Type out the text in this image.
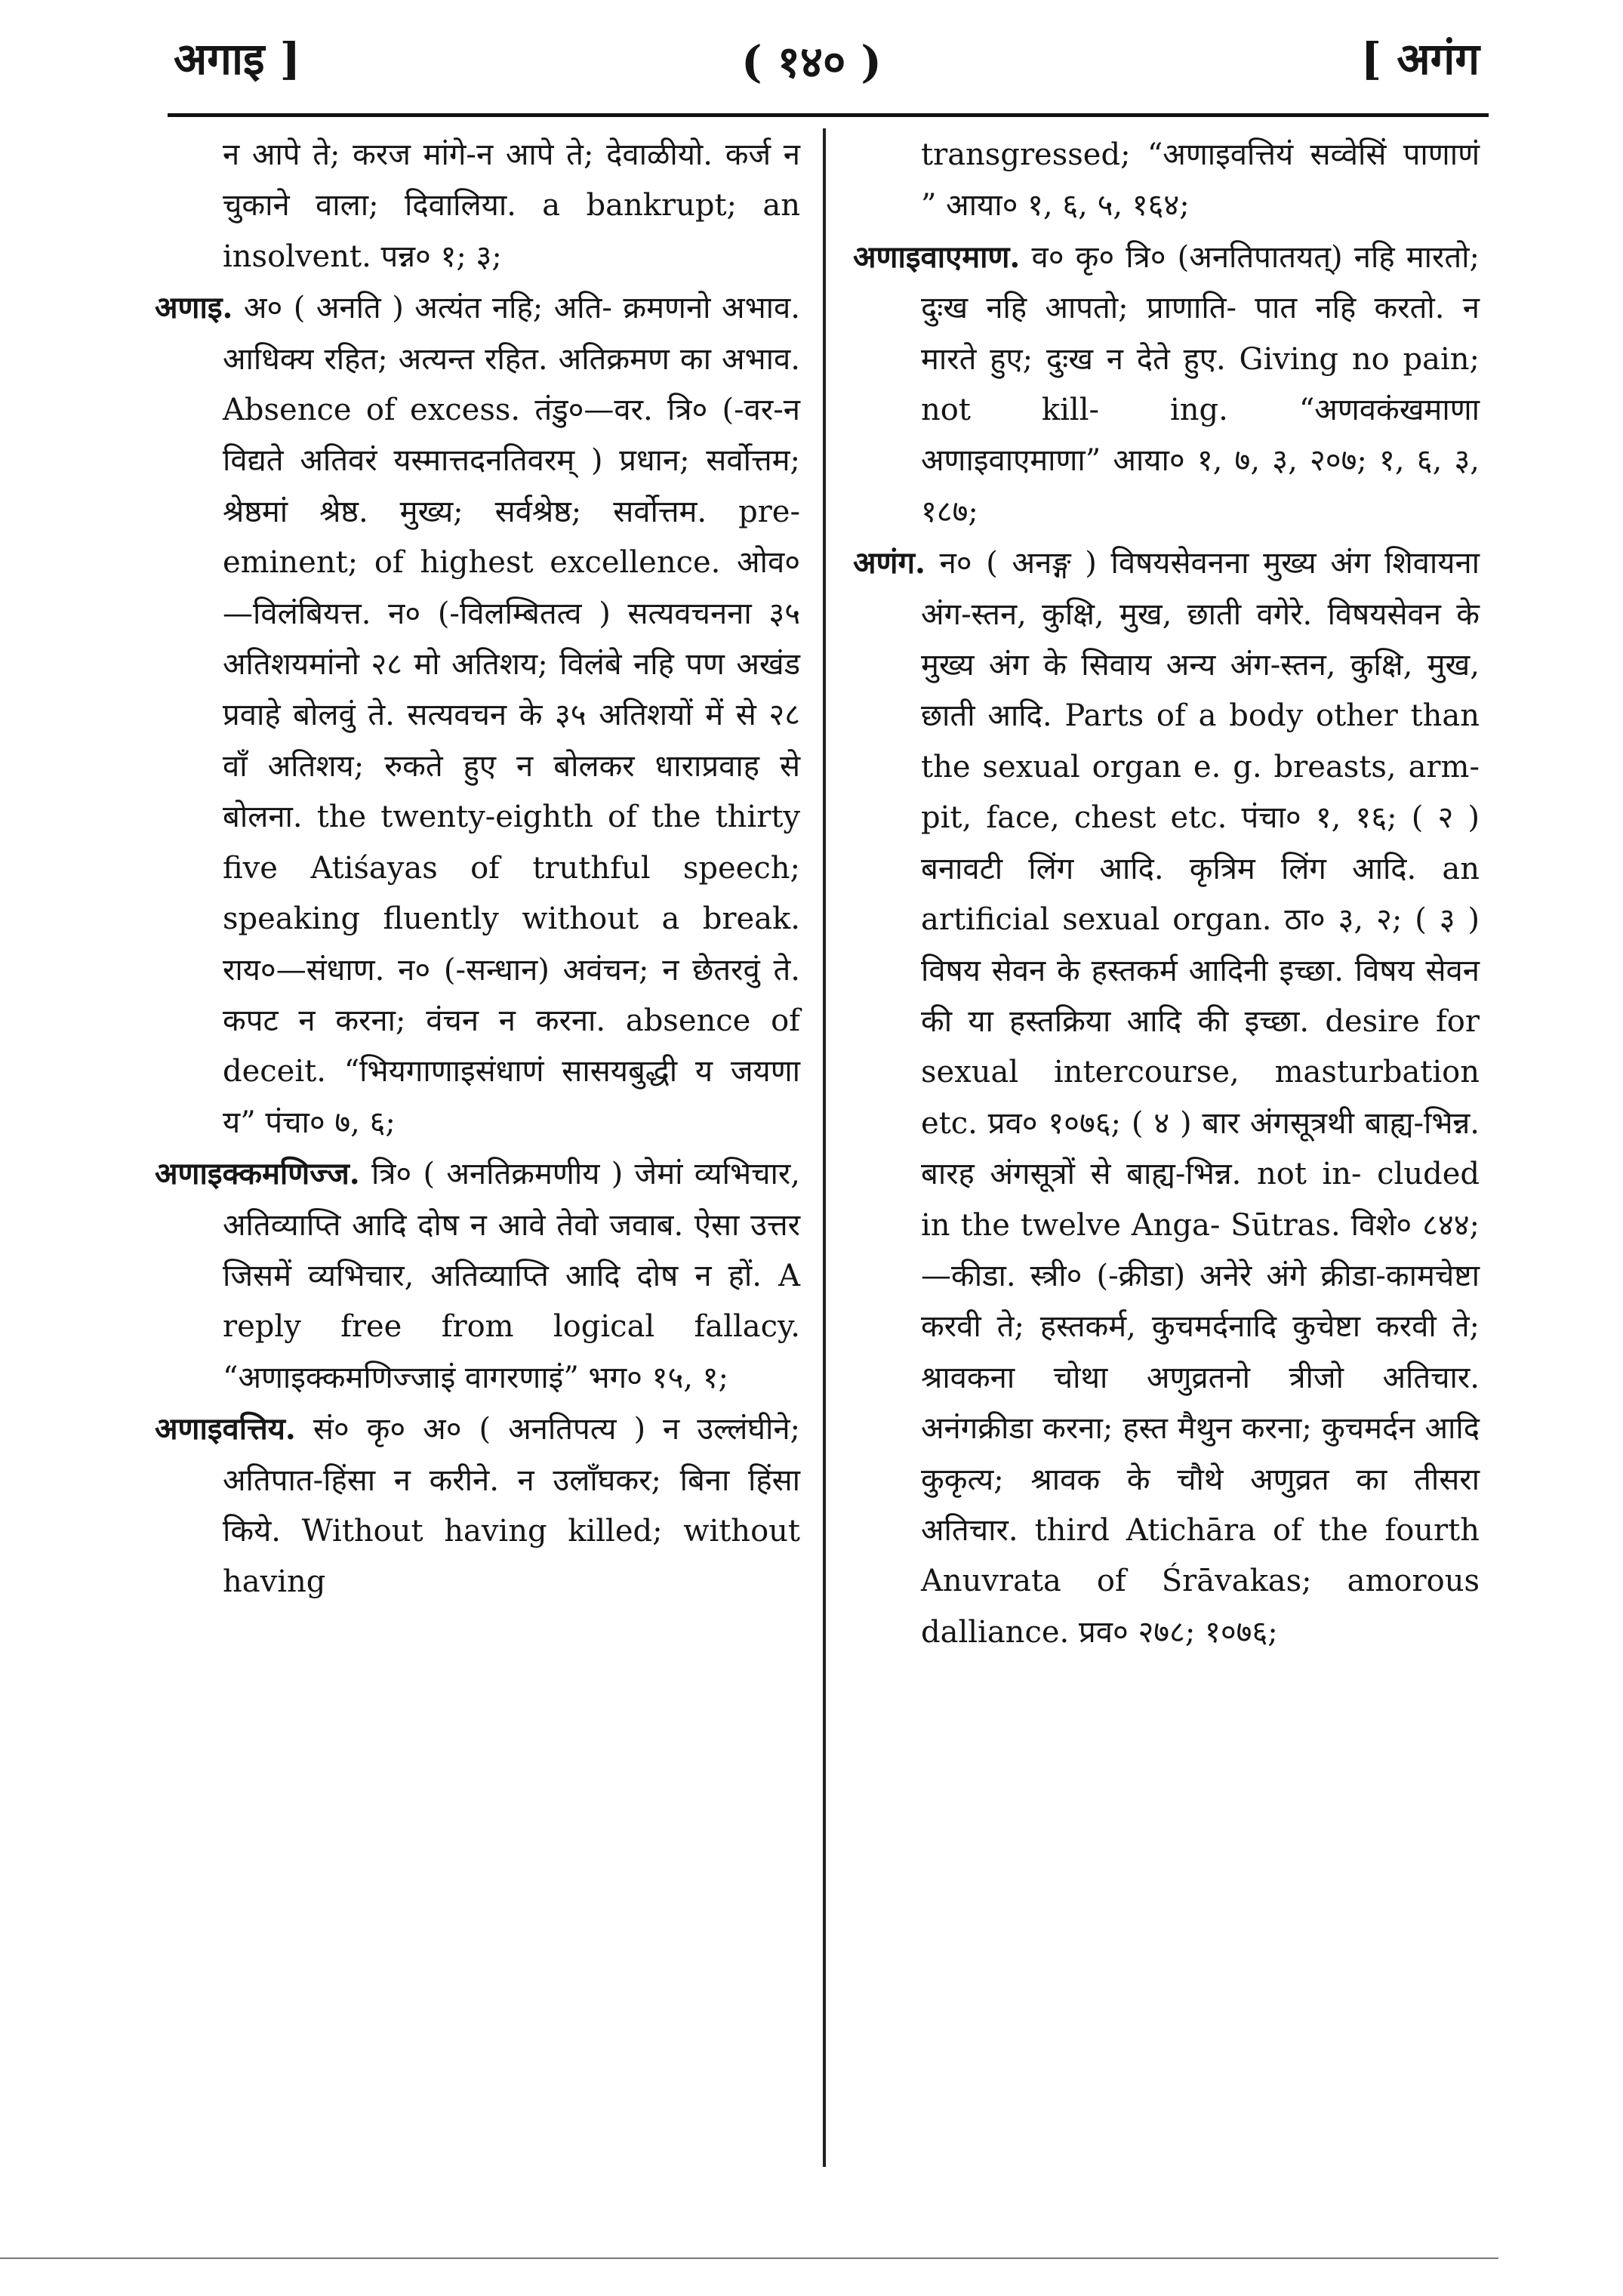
अगाइ ]	( १४० )	[ अगंग

न आपे ते; करज मांगे-न आपे ते; देवाळीयो. कर्ज न चुकाने वाला; दिवालिया. a bankrupt; an insolvent. पन्न० १; ३;

अणाइ. अ० ( अनति ) अत्यंत नहि; अति- क्रमणनो अभाव. आधिक्य रहित; अत्यन्त रहित. अतिक्रमण का अभाव. Absence of excess. तंडु०—वर. त्रि० (-वर-न विद्यते अतिवरं यस्मात्तदनतिवरम् ) प्रधान; सर्वोत्तम; श्रेष्ठमां श्रेष्ठ. मुख्य; सर्वश्रेष्ठ; सर्वोत्तम. pre-eminent; of highest excellence. ओव०—विलंबियत्त. न० (-विलम्बितत्व ) सत्यवचनना ३५ अतिशयमांनो २८ मो अतिशय; विलंबे नहि पण अखंड प्रवाहे बोलवुं ते. सत्यवचन के ३५ अतिशयों में से २८ वाँ अतिशय; रुकते हुए न बोलकर धाराप्रवाह से बोलना. the twenty-eighth of the thirty five Atiśayas of truthful speech; speaking fluently without a break. राय०—संधाण. न० (-सन्धान) अवंचन; न छेतरवुं ते. कपट न करना; वंचन न करना. absence of deceit. “भियगाणाइसंधाणं सासयबुद्धी य जयणा य” पंचा० ७, ६;

अणाइक्कमणिज्ज. त्रि० ( अनतिक्रमणीय ) जेमां व्यभिचार, अतिव्याप्ति आदि दोष न आवे तेवो जवाब. ऐसा उत्तर जिसमें व्यभिचार, अतिव्याप्ति आदि दोष न हों. A reply free from logical fallacy. “अणाइक्कमणिज्जाइं वागरणाइं” भग० १५, १;

अणाइवत्तिय. सं० कृ० अ० ( अनतिपत्य ) न उल्लंघीने; अतिपात-हिंसा न करीने. न उलाँघकर; बिना हिंसा किये. Without having killed; without having

transgressed; “अणाइवत्तियं सव्वेसिं पाणाणं ” आया० १, ६, ५, १६४;

अणाइवाएमाण. व० कृ० त्रि० (अनतिपातयत्) नहि मारतो; दुःख नहि आपतो; प्राणाति- पात नहि करतो. न मारते हुए; दुःख न देते हुए. Giving no pain; not kill- ing. “अणवकंखमाणा अणाइवाएमाणा” आया० १, ७, ३, २०७; १, ६, ३, १८७;

अणंग. न० ( अनङ्ग ) विषयसेवनना मुख्य अंग शिवायना अंग-स्तन, कुक्षि, मुख, छाती वगेरे. विषयसेवन के मुख्य अंग के सिवाय अन्य अंग-स्तन, कुक्षि, मुख, छाती आदि. Parts of a body other than the sexual organ e. g. breasts, arm-pit, face, chest etc. पंचा० १, १६; ( २ ) बनावटी लिंग आदि. कृत्रिम लिंग आदि. an artificial sexual organ. ठा० ३, २; ( ३ ) विषय सेवन के हस्तकर्म आदिनी इच्छा. विषय सेवन की या हस्तक्रिया आदि की इच्छा. desire for sexual intercourse, masturbation etc. प्रव० १०७६; ( ४ ) बार अंगसूत्रथी बाह्य-भिन्न. बारह अंगसूत्रों से बाह्य-भिन्न. not in- cluded in the twelve Anga- Sūtras. विशे० ८४४;—कीडा. स्त्री० (-क्रीडा) अनेरे अंगे क्रीडा-कामचेष्टा करवी ते; हस्तकर्म, कुचमर्दनादि कुचेष्टा करवी ते; श्रावकना चोथा अणुव्रतनो त्रीजो अतिचार. अनंगक्रीडा करना; हस्त मैथुन करना; कुचमर्दन आदि कुकृत्य; श्रावक के चौथे अणुव्रत का तीसरा अतिचार. third Atichāra of the fourth Anuvrata of Śrāvakas; amorous dalliance. प्रव० २७८; १०७६;
